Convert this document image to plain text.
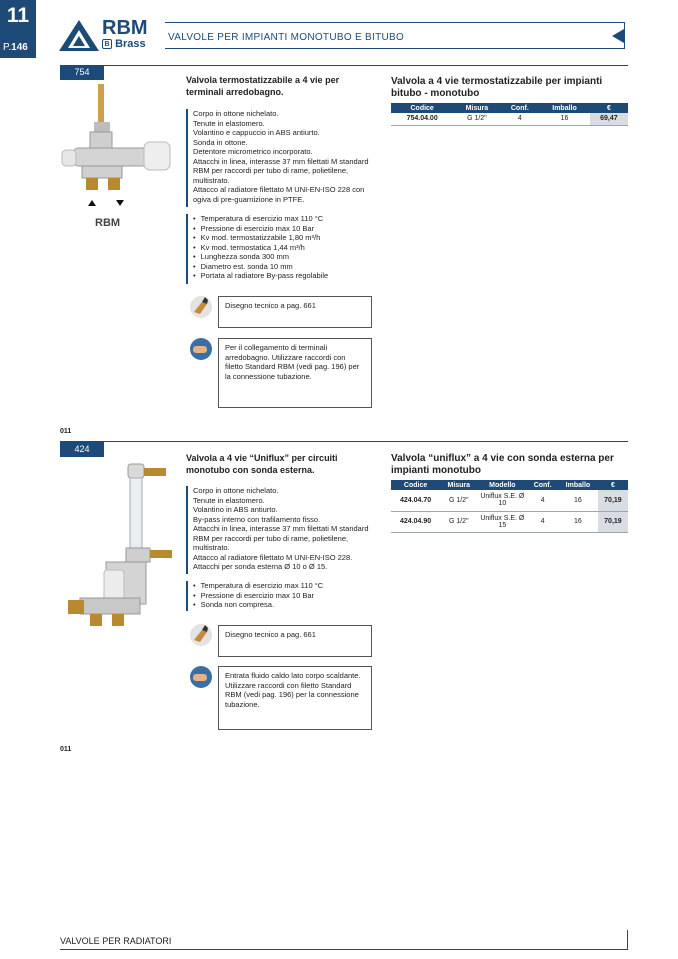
11
P.146
RBM
B Brass
VALVOLE PER IMPIANTI MONOTUBO E BITUBO
754
RBM
Valvola termostatizzabile a 4 vie per terminali arredobagno.
Corpo in ottone nichelato.
Tenute in elastomero.
Volantino e cappuccio in ABS antiurto.
Sonda in ottone.
Detentore micrometrico incorporato.
Attacchi in linea, interasse 37 mm filettati M standard RBM per raccordi per tubo di rame, polietilene, multistrato.
Attacco al radiatore filettato M UNI-EN-ISO 228 con ogiva di pre-guarnizione in PTFE.
• Temperatura di esercizio max 110 °C
• Pressione di esercizio max 10 Bar
• Kv mod. termostatizzabile 1,80 m³/h
• Kv mod. termostatica 1,44 m³/h
• Lunghezza sonda 300 mm
• Diametro est. sonda 10 mm
• Portata al radiatore By-pass regolabile
Disegno tecnico a pag. 661
Per il collegamento di terminali arredobagno. Utilizzare raccordi con filetto Standard RBM (vedi pag. 196) per la connessione tubazione.
Valvola a 4 vie termostatizzabile per impianti bitubo - monotubo
Codice	Misura	Conf.	Imballo	€
754.04.00	G 1/2"	4	16	69,47
011
424
Valvola a 4 vie “Uniflux” per circuiti monotubo con sonda esterna.
Corpo in ottone nichelato.
Tenute in elastomero.
Volantino in ABS antiurto.
By-pass interno con trafilamento fisso.
Attacchi in linea, interasse 37 mm filettati M standard RBM per raccordi per tubo di rame, polietilene, multistrato.
Attacco al radiatore filettato M UNI-EN-ISO 228.
Attacchi per sonda esterna Ø 10 o Ø 15.
• Temperatura di esercizio max 110 °C
• Pressione di esercizio max 10 Bar
• Sonda non compresa.
Disegno tecnico a pag. 661
Entrata fluido caldo lato corpo scaldante. Utilizzare raccordi con filetto Standard RBM (vedi pag. 196) per la connessione tubazione.
Valvola “uniflux” a 4 vie con sonda esterna per impianti monotubo
Codice	Misura	Modello	Conf.	Imballo	€
424.04.70	G 1/2"	Uniflux S.E. Ø 10	4	16	70,19
424.04.90	G 1/2"	Uniflux S.E. Ø 15	4	16	70,19
011
VALVOLE PER RADIATORI
